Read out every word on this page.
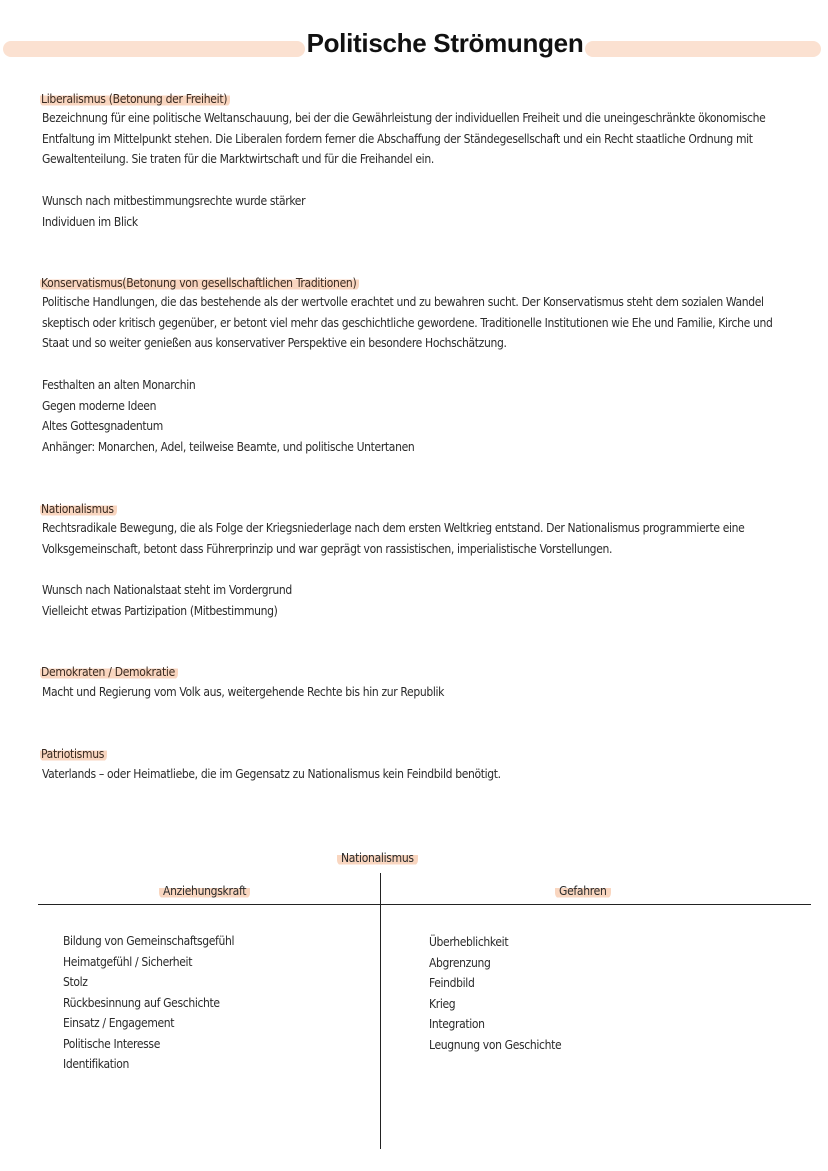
Politische Strömungen
Liberalismus (Betonung der Freiheit)
Bezeichnung für eine politische Weltanschauung, bei der die Gewährleistung der individuellen Freiheit und die uneingeschränkte ökonomische Entfaltung im Mittelpunkt stehen. Die Liberalen fordern ferner die Abschaffung der Ständegesellschaft und ein Recht staatliche Ordnung mit Gewaltenteilung. Sie traten für die Marktwirtschaft und für die Freihandel ein.
Wunsch nach mitbestimmungsrechte wurde stärker
Individuen im Blick
Konservatismus(Betonung von gesellschaftlichen Traditionen)
Politische Handlungen, die das bestehende als der wertvolle erachtet und zu bewahren sucht. Der Konservatismus steht dem sozialen Wandel skeptisch oder kritisch gegenüber, er betont viel mehr das geschichtliche gewordene. Traditionelle Institutionen wie Ehe und Familie, Kirche und Staat und so weiter genießen aus konservativer Perspektive ein besondere Hochschätzung.
Festhalten an alten Monarchin
Gegen moderne Ideen
Altes Gottesgnadentum
Anhänger: Monarchen, Adel, teilweise Beamte, und politische Untertanen
Nationalismus
Rechtsradikale Bewegung, die als Folge der Kriegsniederlage nach dem ersten Weltkrieg entstand. Der Nationalismus programmierte eine Volksgemeinschaft, betont dass Führerprinzip und war geprägt von rassistischen, imperialistische Vorstellungen.
Wunsch nach Nationalstaat steht im Vordergrund
Vielleicht etwas Partizipation (Mitbestimmung)
Demokraten / Demokratie
Macht und Regierung vom Volk aus, weitergehende Rechte bis hin zur Republik
Patriotismus
Vaterlands – oder Heimatliebe, die im Gegensatz zu Nationalismus kein Feindbild benötigt.
Nationalismus
Anziehungskraft	Gefahren
Bildung von Gemeinschaftsgefühl
Heimatgefühl / Sicherheit
Stolz
Rückbesinnung auf Geschichte
Einsatz / Engagement
Politische Interesse
Identifikation
Überheblichkeit
Abgrenzung
Feindbild
Krieg
Integration
Leugnung von Geschichte
